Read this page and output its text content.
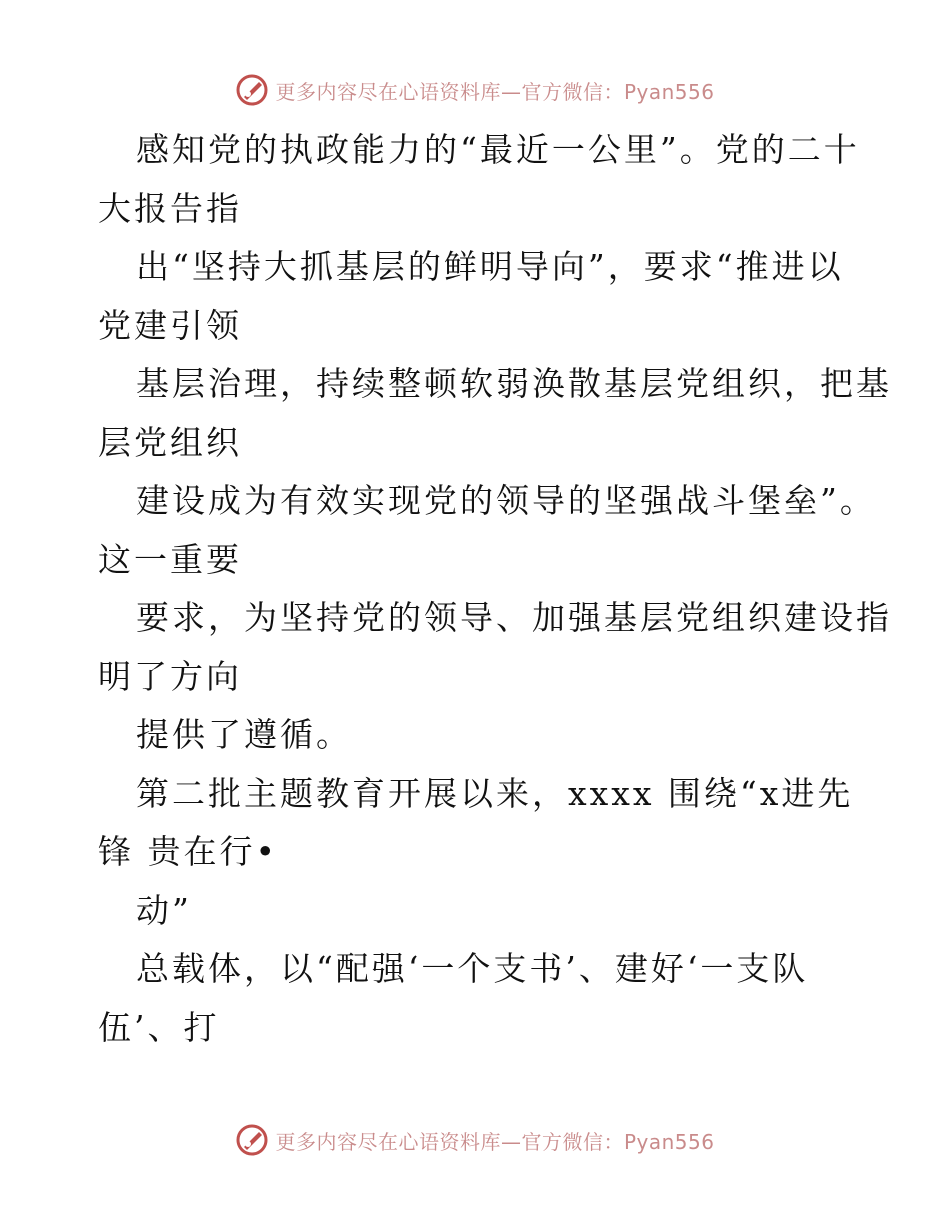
更多内容尽在心语资料库—官方微信：Pyan556
感知党的执政能力的“最近一公里”。党的二十
大报告指
出“坚持大抓基层的鲜明导向”，要求“推进以
党建引领
基层治理，持续整顿软弱涣散基层党组织，把基
层党组织
建设成为有效实现党的领导的坚强战斗堡垒”。
这一重要
要求，为坚持党的领导、加强基层党组织建设指
明了方向
提供了遵循。
第二批主题教育开展以来，xxxx 围绕“x进先
锋 贵在行•
动”
总载体，以“配强‘一个支书’、建好‘一支队
伍’、打
更多内容尽在心语资料库—官方微信：Pyan556
